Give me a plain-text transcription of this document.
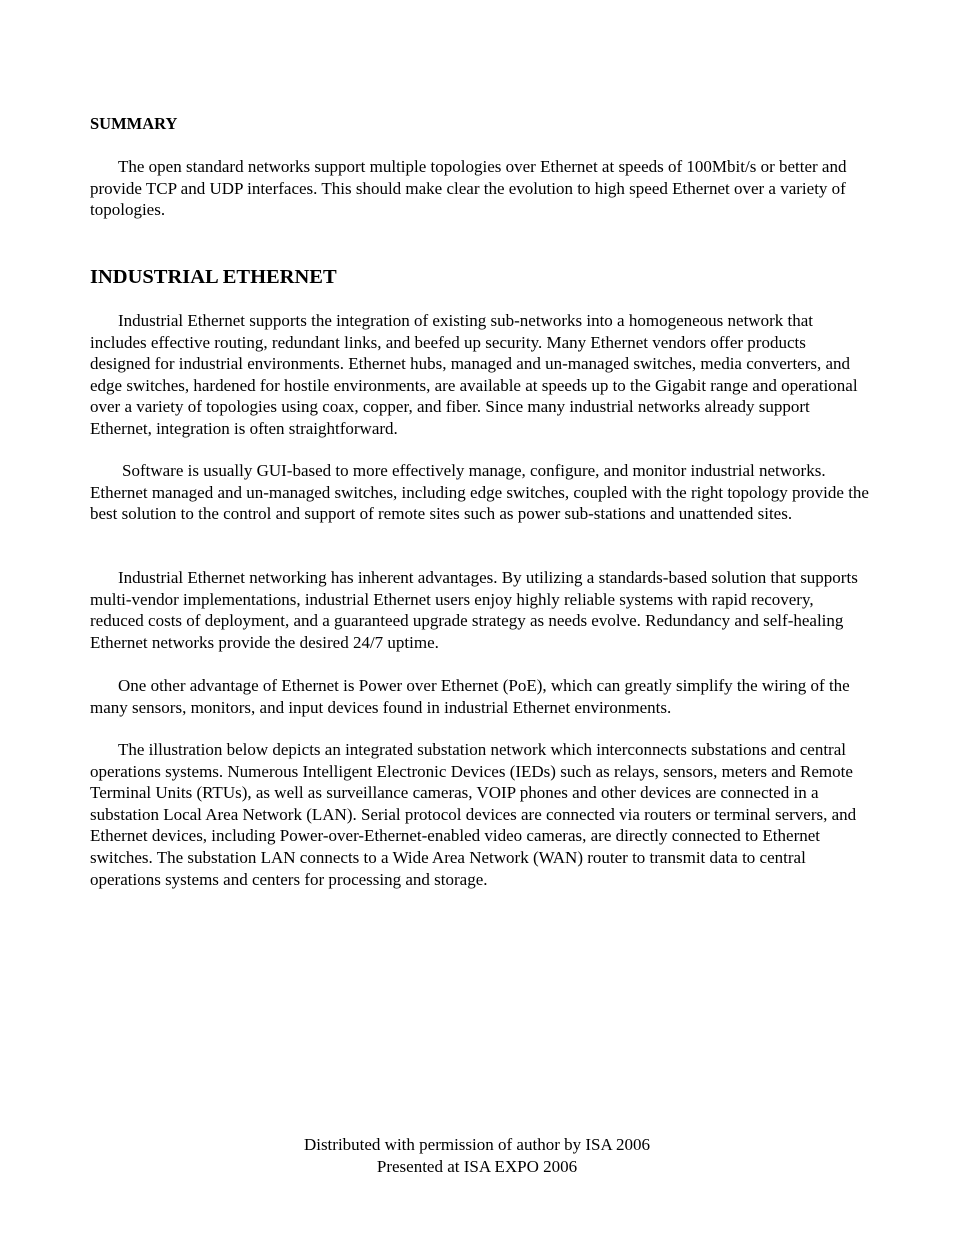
SUMMARY

The open standard networks support multiple topologies over Ethernet at speeds of 100Mbit/s or better and provide TCP and UDP interfaces. This should make clear the evolution to high speed Ethernet over a variety of topologies.

INDUSTRIAL ETHERNET

Industrial Ethernet supports the integration of existing sub-networks into a homogeneous network that includes effective routing, redundant links, and beefed up security. Many Ethernet vendors offer products designed for industrial environments. Ethernet hubs, managed and un-managed switches, media converters, and edge switches, hardened for hostile environments, are available at speeds up to the Gigabit range and operational over a variety of topologies using coax, copper, and fiber. Since many industrial networks already support Ethernet, integration is often straightforward.

Software is usually GUI-based to more effectively manage, configure, and monitor industrial networks. Ethernet managed and un-managed switches, including edge switches, coupled with the right topology provide the best solution to the control and support of remote sites such as power sub-stations and unattended sites.

Industrial Ethernet networking has inherent advantages. By utilizing a standards-based solution that supports multi-vendor implementations, industrial Ethernet users enjoy highly reliable systems with rapid recovery, reduced costs of deployment, and a guaranteed upgrade strategy as needs evolve. Redundancy and self-healing Ethernet networks provide the desired 24/7 uptime.

One other advantage of Ethernet is Power over Ethernet (PoE), which can greatly simplify the wiring of the many sensors, monitors, and input devices found in industrial Ethernet environments.

The illustration below depicts an integrated substation network which interconnects substations and central operations systems. Numerous Intelligent Electronic Devices (IEDs) such as relays, sensors, meters and Remote Terminal Units (RTUs), as well as surveillance cameras, VOIP phones and other devices are connected in a substation Local Area Network (LAN). Serial protocol devices are connected via routers or terminal servers, and Ethernet devices, including Power-over-Ethernet-enabled video cameras, are directly connected to Ethernet switches. The substation LAN connects to a Wide Area Network (WAN) router to transmit data to central operations systems and centers for processing and storage.

Distributed with permission of author by ISA 2006
Presented at ISA EXPO 2006
